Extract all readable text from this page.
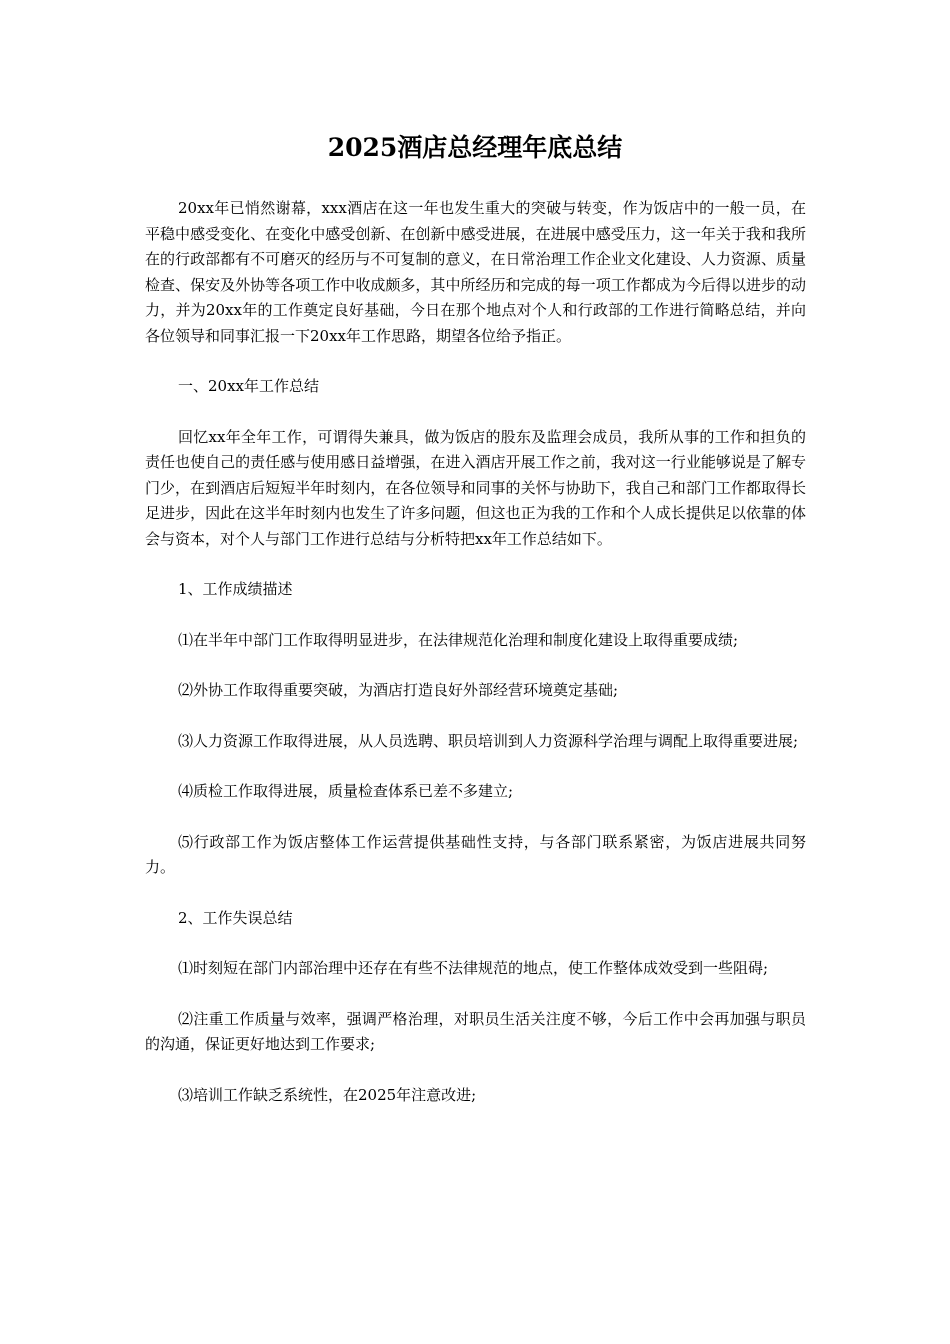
2025酒店总经理年底总结

20xx年已悄然谢幕，xxx酒店在这一年也发生重大的突破与转变，作为饭店中的一般一员，在平稳中感受变化、在变化中感受创新、在创新中感受进展，在进展中感受压力，这一年关于我和我所在的行政部都有不可磨灭的经历与不可复制的意义，在日常治理工作企业文化建设、人力资源、质量检查、保安及外协等各项工作中收成颇多，其中所经历和完成的每一项工作都成为今后得以进步的动力，并为20xx年的工作奠定良好基础，今日在那个地点对个人和行政部的工作进行简略总结，并向各位领导和同事汇报一下20xx年工作思路，期望各位给予指正。

一、20xx年工作总结

回忆xx年全年工作，可谓得失兼具，做为饭店的股东及监理会成员，我所从事的工作和担负的责任也使自己的责任感与使用感日益增强，在进入酒店开展工作之前，我对这一行业能够说是了解专门少，在到酒店后短短半年时刻内，在各位领导和同事的关怀与协助下，我自己和部门工作都取得长足进步，因此在这半年时刻内也发生了许多问题，但这也正为我的工作和个人成长提供足以依靠的体会与资本，对个人与部门工作进行总结与分析特把xx年工作总结如下。

1、工作成绩描述

⑴在半年中部门工作取得明显进步，在法律规范化治理和制度化建设上取得重要成绩;

⑵外协工作取得重要突破，为酒店打造良好外部经营环境奠定基础;

⑶人力资源工作取得进展，从人员选聘、职员培训到人力资源科学治理与调配上取得重要进展;

⑷质检工作取得进展，质量检查体系已差不多建立;

⑸行政部工作为饭店整体工作运营提供基础性支持，与各部门联系紧密，为饭店进展共同努力。

2、工作失误总结

⑴时刻短在部门内部治理中还存在有些不法律规范的地点，使工作整体成效受到一些阻碍;

⑵注重工作质量与效率，强调严格治理，对职员生活关注度不够，今后工作中会再加强与职员的沟通，保证更好地达到工作要求;

⑶培训工作缺乏系统性，在2025年注意改进;
